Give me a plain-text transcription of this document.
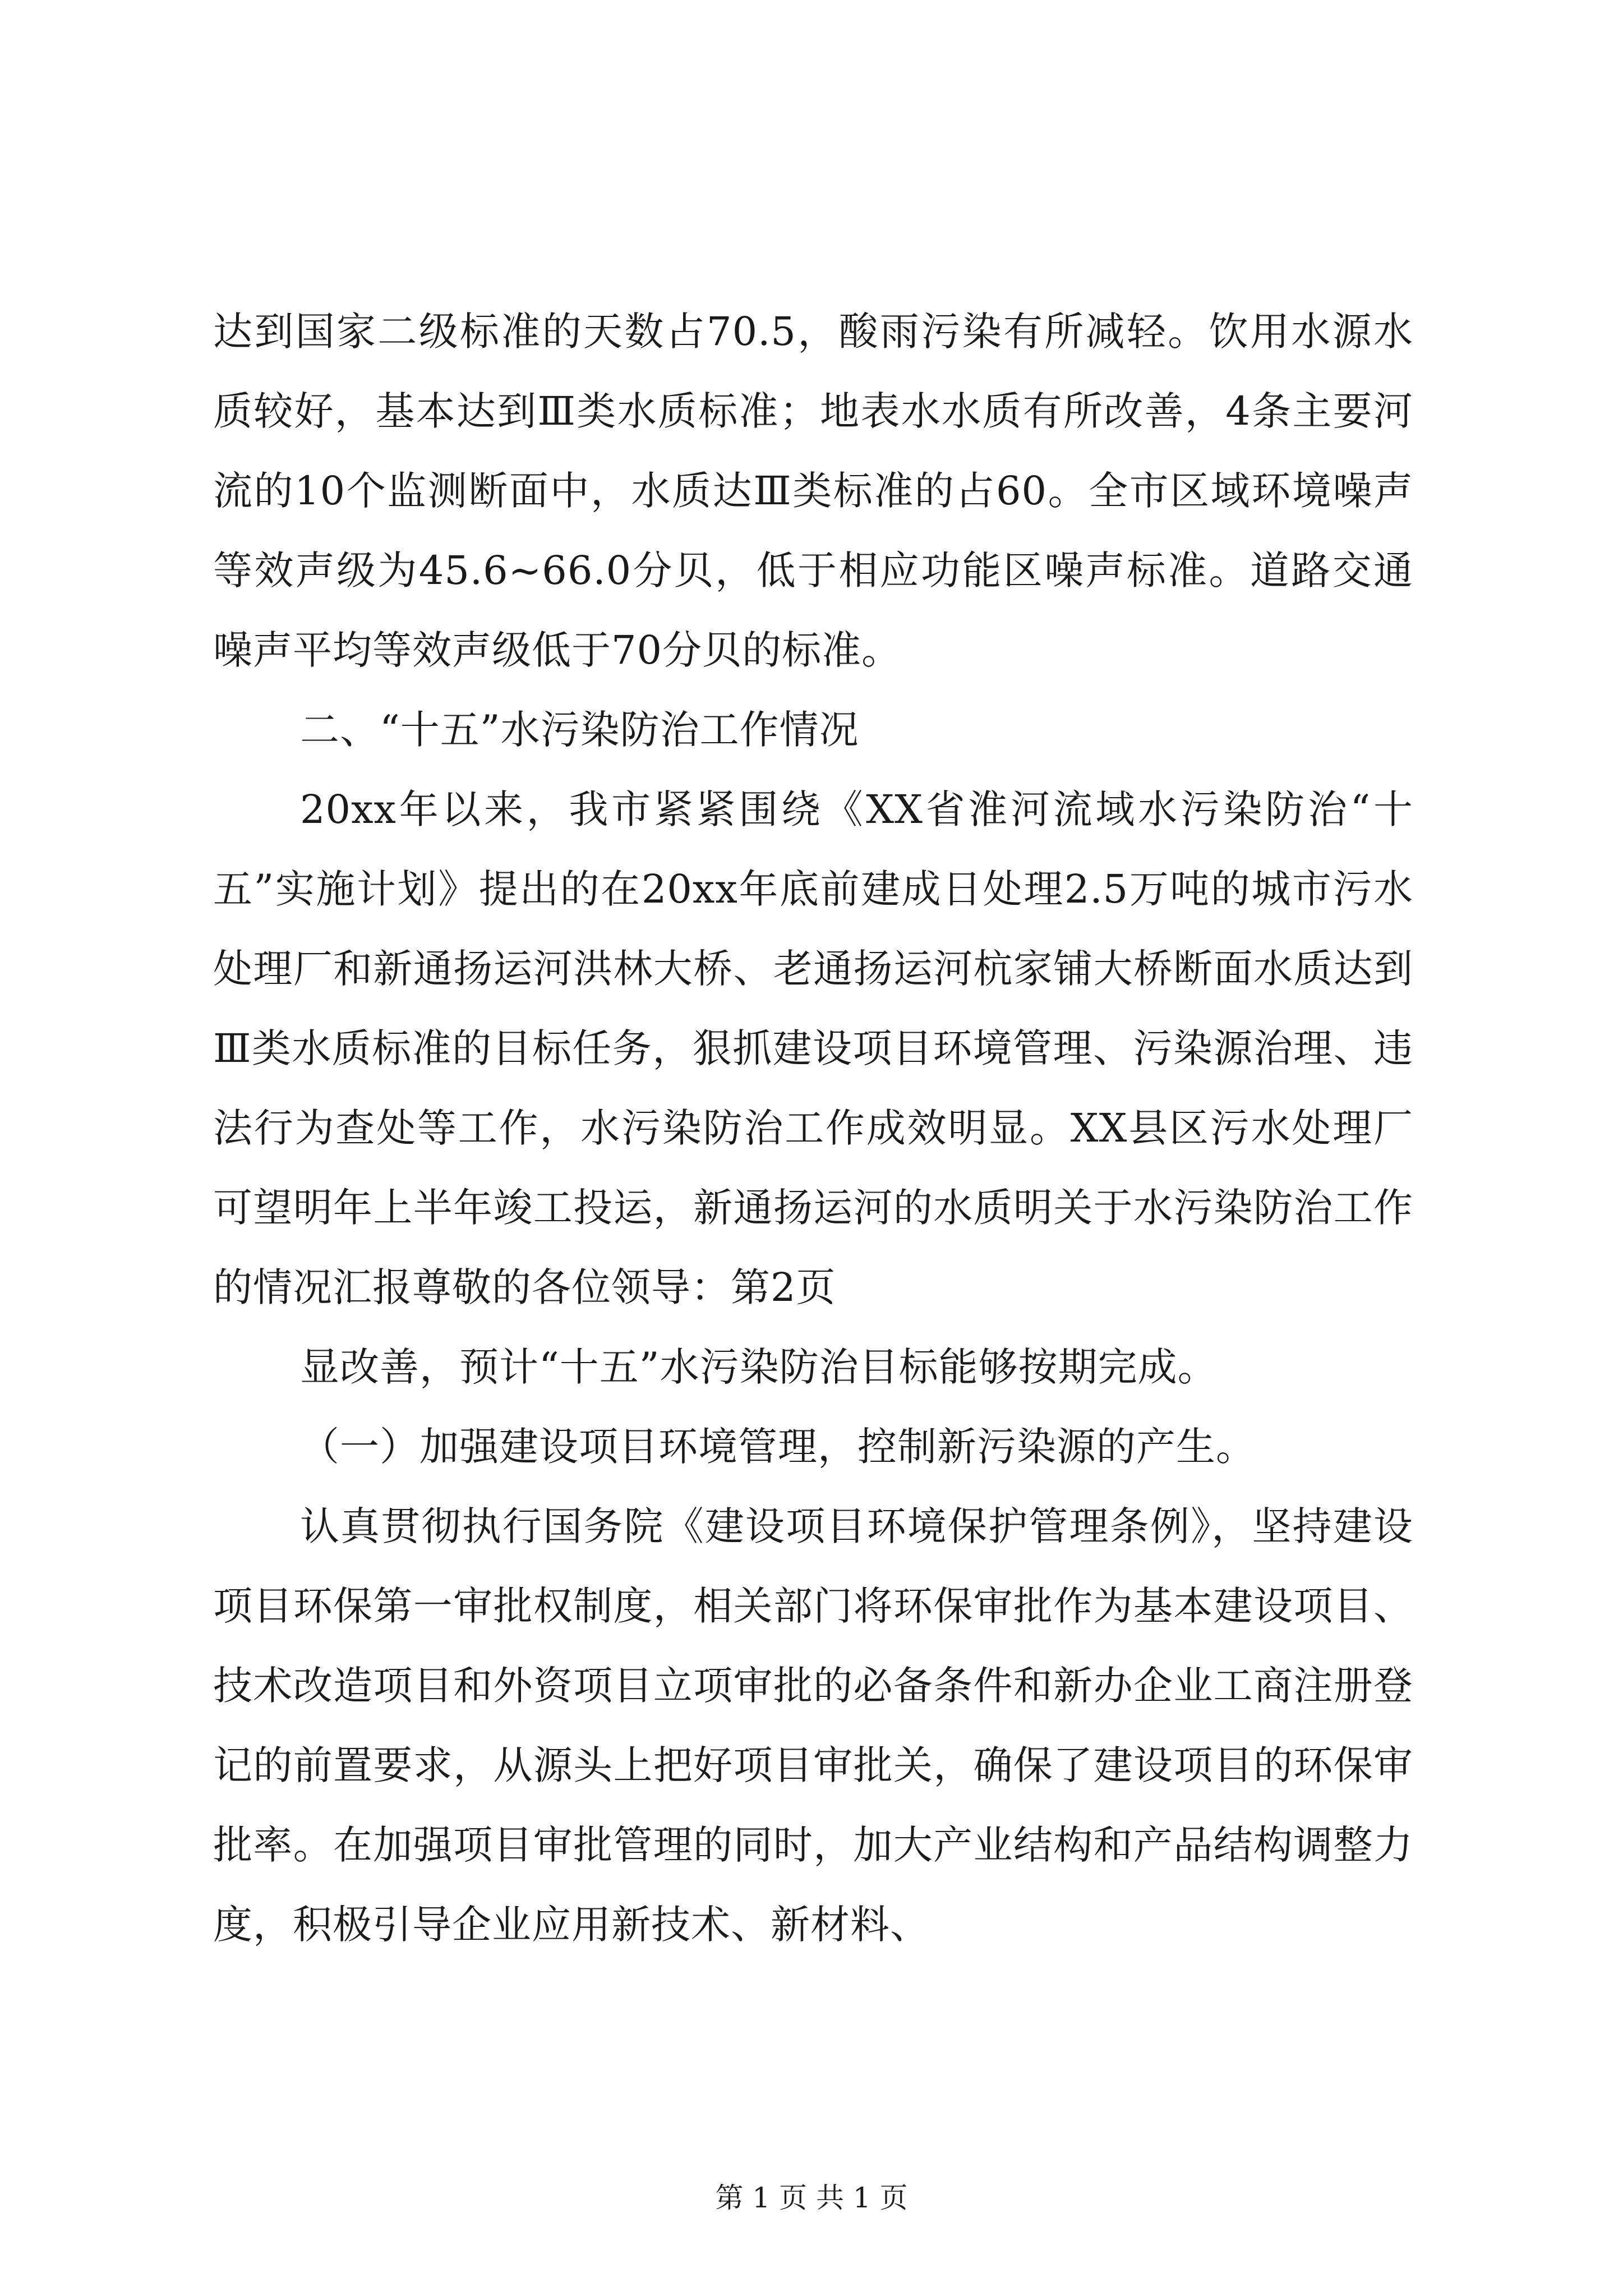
达到国家二级标准的天数占70.5，酸雨污染有所减轻。饮用水源水质较好，基本达到Ⅲ类水质标准；地表水水质有所改善，4条主要河流的10个监测断面中，水质达Ⅲ类标准的占60。全市区域环境噪声等效声级为45.6~66.0分贝，低于相应功能区噪声标准。道路交通噪声平均等效声级低于70分贝的标准。

二、“十五”水污染防治工作情况

20xx年以来，我市紧紧围绕《XX省淮河流域水污染防治“十五”实施计划》提出的在20xx年底前建成日处理2.5万吨的城市污水处理厂和新通扬运河洪林大桥、老通扬运河杭家铺大桥断面水质达到Ⅲ类水质标准的目标任务，狠抓建设项目环境管理、污染源治理、违法行为查处等工作，水污染防治工作成效明显。XX县区污水处理厂可望明年上半年竣工投运，新通扬运河的水质明关于水污染防治工作的情况汇报尊敬的各位领导：第2页

显改善，预计“十五”水污染防治目标能够按期完成。

（一）加强建设项目环境管理，控制新污染源的产生。

认真贯彻执行国务院《建设项目环境保护管理条例》，坚持建设项目环保第一审批权制度，相关部门将环保审批作为基本建设项目、技术改造项目和外资项目立项审批的必备条件和新办企业工商注册登记的前置要求，从源头上把好项目审批关，确保了建设项目的环保审批率。在加强项目审批管理的同时，加大产业结构和产品结构调整力度，积极引导企业应用新技术、新材料、

第 1 页 共 1 页
